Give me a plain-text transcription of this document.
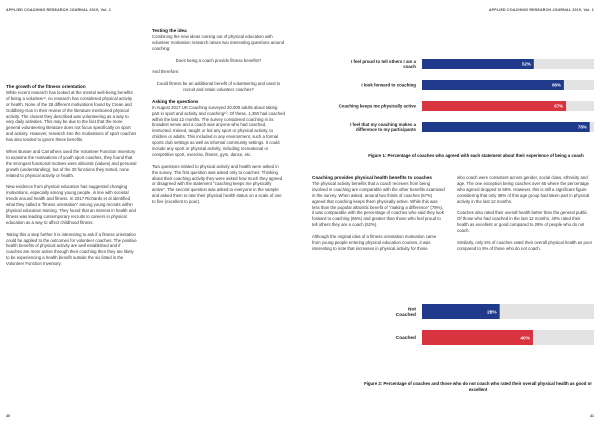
APPLIED COACHING RESEARCH JOURNAL 2019, Vol. 1	APPLIED COACHING RESEARCH JOURNAL 2019, Vol. 1
The growth of the fitness orientation

While recent research has looked at the mental well-being benefits of being a volunteer⁸, no research has considered physical activity or health. None of the 28 different motivations found by Crean and Goldberg-Gun in their review of the literature mentioned physical activity. The closest they described was volunteering as a way to vary daily activities. This may be due to the fact that the more general volunteering literature does not focus specifically on sport and activity. However, research into the motivations of sport coaches has also tended to ignore these benefits.

When Busser and Carruthers used the Volunteer Function Inventory to examine the motivations of youth sport coaches, they found that the strongest functional motives were altruistic (values) and personal growth (understanding), but of the 30 functions they tested, none related to physical activity or health.

New evidence from physical education has suggested changing motivations, especially among young people, in line with societal trends around health and fitness. In 2017 Richards et al identified what they called a “fitness orientation” among young recruits within physical education training. They found that an interest in health and fitness was leading contemporary recruits to careers in physical education as a way to affect childhood fitness.

Taking this a step further it is interesting to ask if a fitness orientation could be applied to the outcomes for volunteer coaches. The positive health benefits of physical activity are well established and if coaches are more active through their coaching then they are likely to be experiencing a health benefit outside the six listed in the Volunteer Function Inventory.

Testing the idea

Combining the new ideas coming out of physical education with volunteer motivation research raises two interesting questions around coaching:

Does being a coach provide fitness benefits?

And therefore:

Could fitness be an additional benefit of volunteering and used to recruit and retain volunteer coaches?

Asking the questions

In August 2017 UK Coaching surveyed 20,000 adults about taking part in sport and activity and coaching¹⁰. Of these, 1,350 had coached within the last 12 months. The survey considered coaching in its broadest sense and a coach was anyone who had coached, instructed, trained, taught or led any sport or physical activity, to children or adults. This included in any environment, such a formal sports club settings as well as informal community settings. It could include any sport or physical activity, including recreational or competitive sport, exercise, fitness, gym, dance, etc.

Two questions related to physical activity and health were asked in the survey. The first question was asked only to coaches: Thinking about their coaching activity they were asked how much they agreed or disagreed with the statement “coaching keeps me physically active”. The second question was asked to everyone in the sample and asked them to rate their physical health status on a scale of one to five (excellent to poor).

I feel proud to tell others I am a coach
52%
I look forward to coaching	66%
Coaching keeps me physically active	67%
I feel that my coaching makes a difference to my participants
78%
Figure 1: Percentage of coaches who agreed with each statement about their experience of being a coach
Coaching provides physical health benefits to coaches

The physical activity benefits that a coach receives from being involved in coaching are comparable with the other benefits examined in the survey. When asked, around two thirds of coaches (67%) agreed that coaching keeps them physically active. While this was less than the popular altruistic benefit of “making a difference” (78%), it was comparable with the percentage of coaches who said they look forward to coaching (66%) and greater than those who feel proud to tell others they are a coach (52%).

Although the original idea of a fitness orientation motivation came from young people entering physical education courses, it was interesting to note that increases in physical activity for those

who coach were consistent across gender, social class, ethnicity and age. The one exception being coaches over 65 where the percentage who agreed dropped to 59%. However, this is still a significant figure considering that only 38% of this age group had taken part in physical activity in the last 12 months.

Coaches also rated their overall health better than the general public. Of those who had coached in the last 12 months, 40% rated their health as excellent or good compared to 28% of people who do not coach.

Similarly, only 5% of coaches rated their overall physical health as poor compared to 9% of those who do not coach.

Not Coached
28%
Coached	40%
Figure 2: Percentage of coaches and those who do not coach who rated their overall physical health as good or excellent
40	41
